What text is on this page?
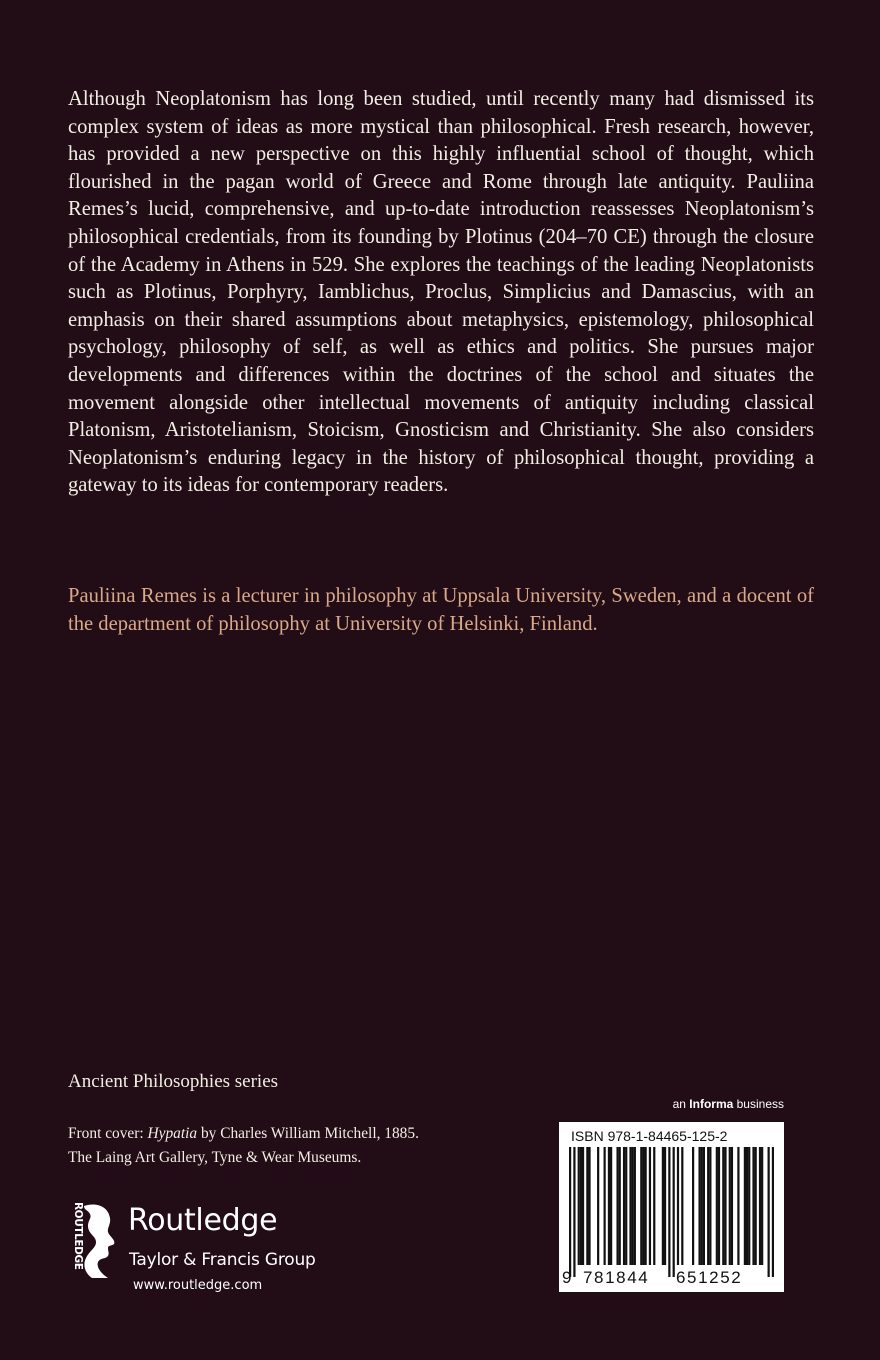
Although Neoplatonism has long been studied, until recently many had dismissed its complex system of ideas as more mystical than philosophical. Fresh research, however, has provided a new perspective on this highly influential school of thought, which flourished in the pagan world of Greece and Rome through late antiquity. Pauliina Remes’s lucid, comprehensive, and up-to-date introduction reassesses Neoplatonism’s philosophical credentials, from its founding by Plotinus (204–70 CE) through the closure of the Academy in Athens in 529. She explores the teachings of the leading Neoplatonists such as Plotinus, Porphyry, Iamblichus, Proclus, Simplicius and Damascius, with an emphasis on their shared assumptions about metaphysics, epistemology, philosophical psychology, philosophy of self, as well as ethics and politics. She pursues major developments and differences within the doctrines of the school and situates the movement alongside other intellectual movements of antiquity including classical Platonism, Aristotelianism, Stoicism, Gnosticism and Christianity. She also considers Neoplatonism’s enduring legacy in the history of philosophical thought, providing a gateway to its ideas for contemporary readers.

Pauliina Remes is a lecturer in philosophy at Uppsala University, Sweden, and a docent of the department of philosophy at University of Helsinki, Finland.

Ancient Philosophies series

Front cover: Hypatia by Charles William Mitchell, 1885.
The Laing Art Gallery, Tyne & Wear Museums.
ROUTLEDGE Routledge
Taylor & Francis Group
www.routledge.com
an Informa business
ISBN 978-1-84465-125-2
9 781844 651252
